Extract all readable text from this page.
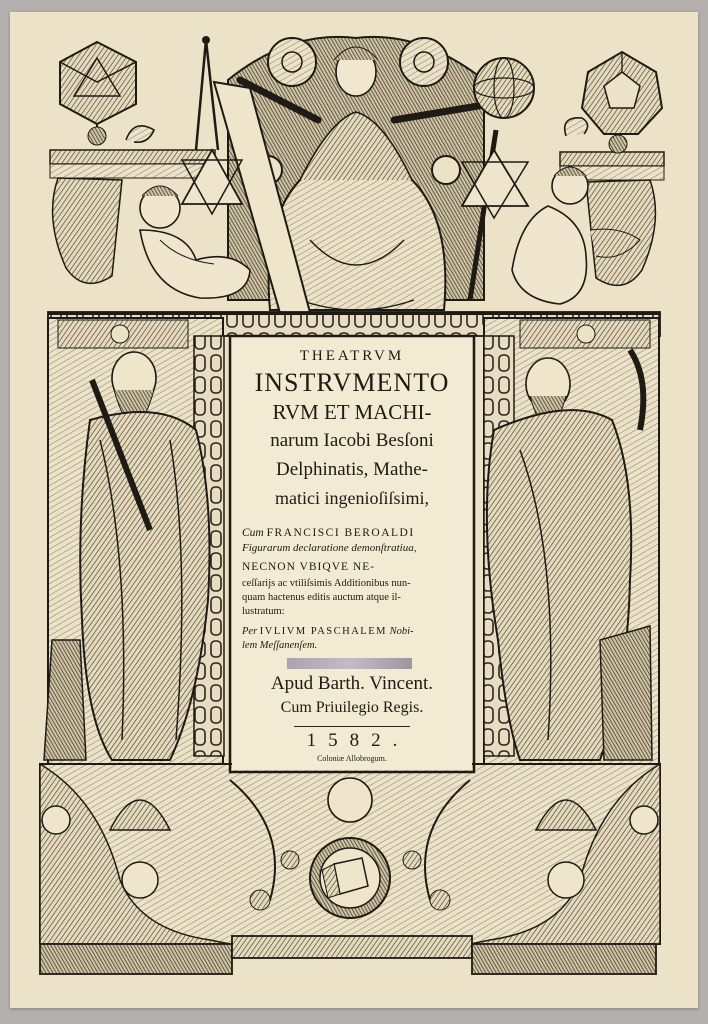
THEATRVM
INSTRVMENTO
RVM ET MACHI-
narum Iacobi Besſoni
Delphinatis, Mathe-
matici ingenioſiſsimi,
Cum FRANCISCI BEROALDI
Figurarum declaratione demonſtratiua,
NECNON VBIQVE NE-
ceſſarijs ac vtiliſsimis Additionibus nun-
quam hactenus editis auctum atque il-
lustratum:
Per IVLIVM PASCHALEM Nobi-
lem Meſſanenſem.
Apud Barth. Vincent.
Cum Priuilegio Regis.
1582.
Coloniæ Allobrogum.
